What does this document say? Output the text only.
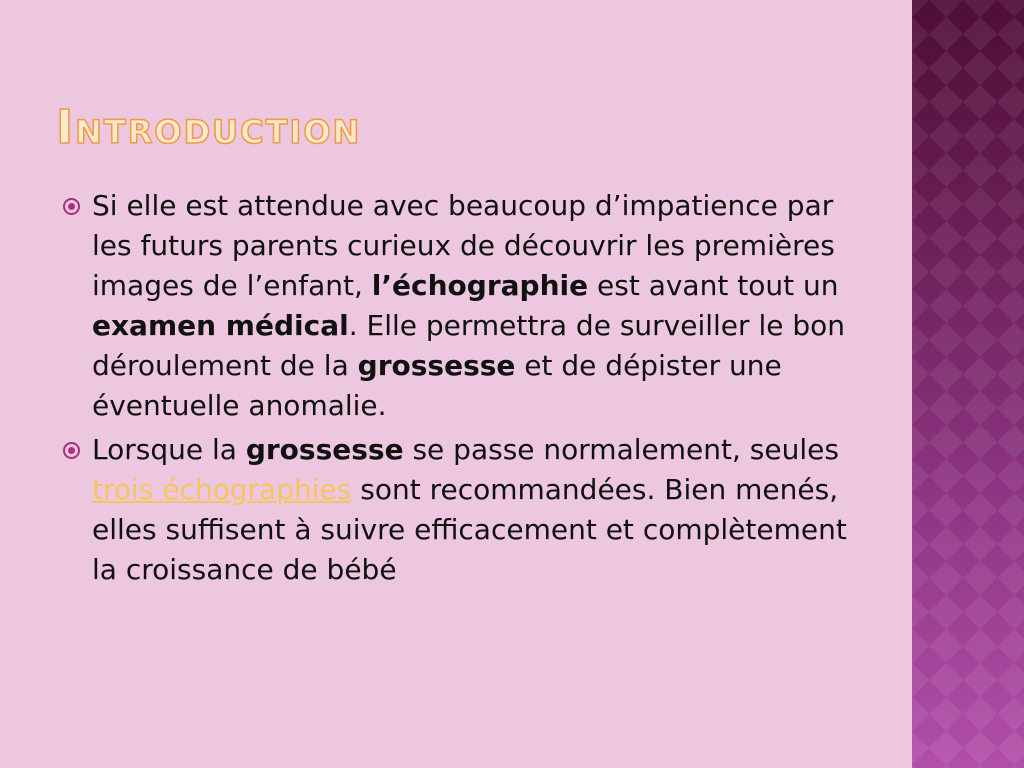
Introduction
Si elle est attendue avec beaucoup d’impatience par les futurs parents curieux de découvrir les premières images de l’enfant, l’échographie est avant tout un examen médical. Elle permettra de surveiller le bon déroulement de la grossesse et de dépister une éventuelle anomalie.
Lorsque la grossesse se passe normalement, seules trois échographies sont recommandées. Bien menés, elles suffisent à suivre efficacement et complètement la croissance de bébé
